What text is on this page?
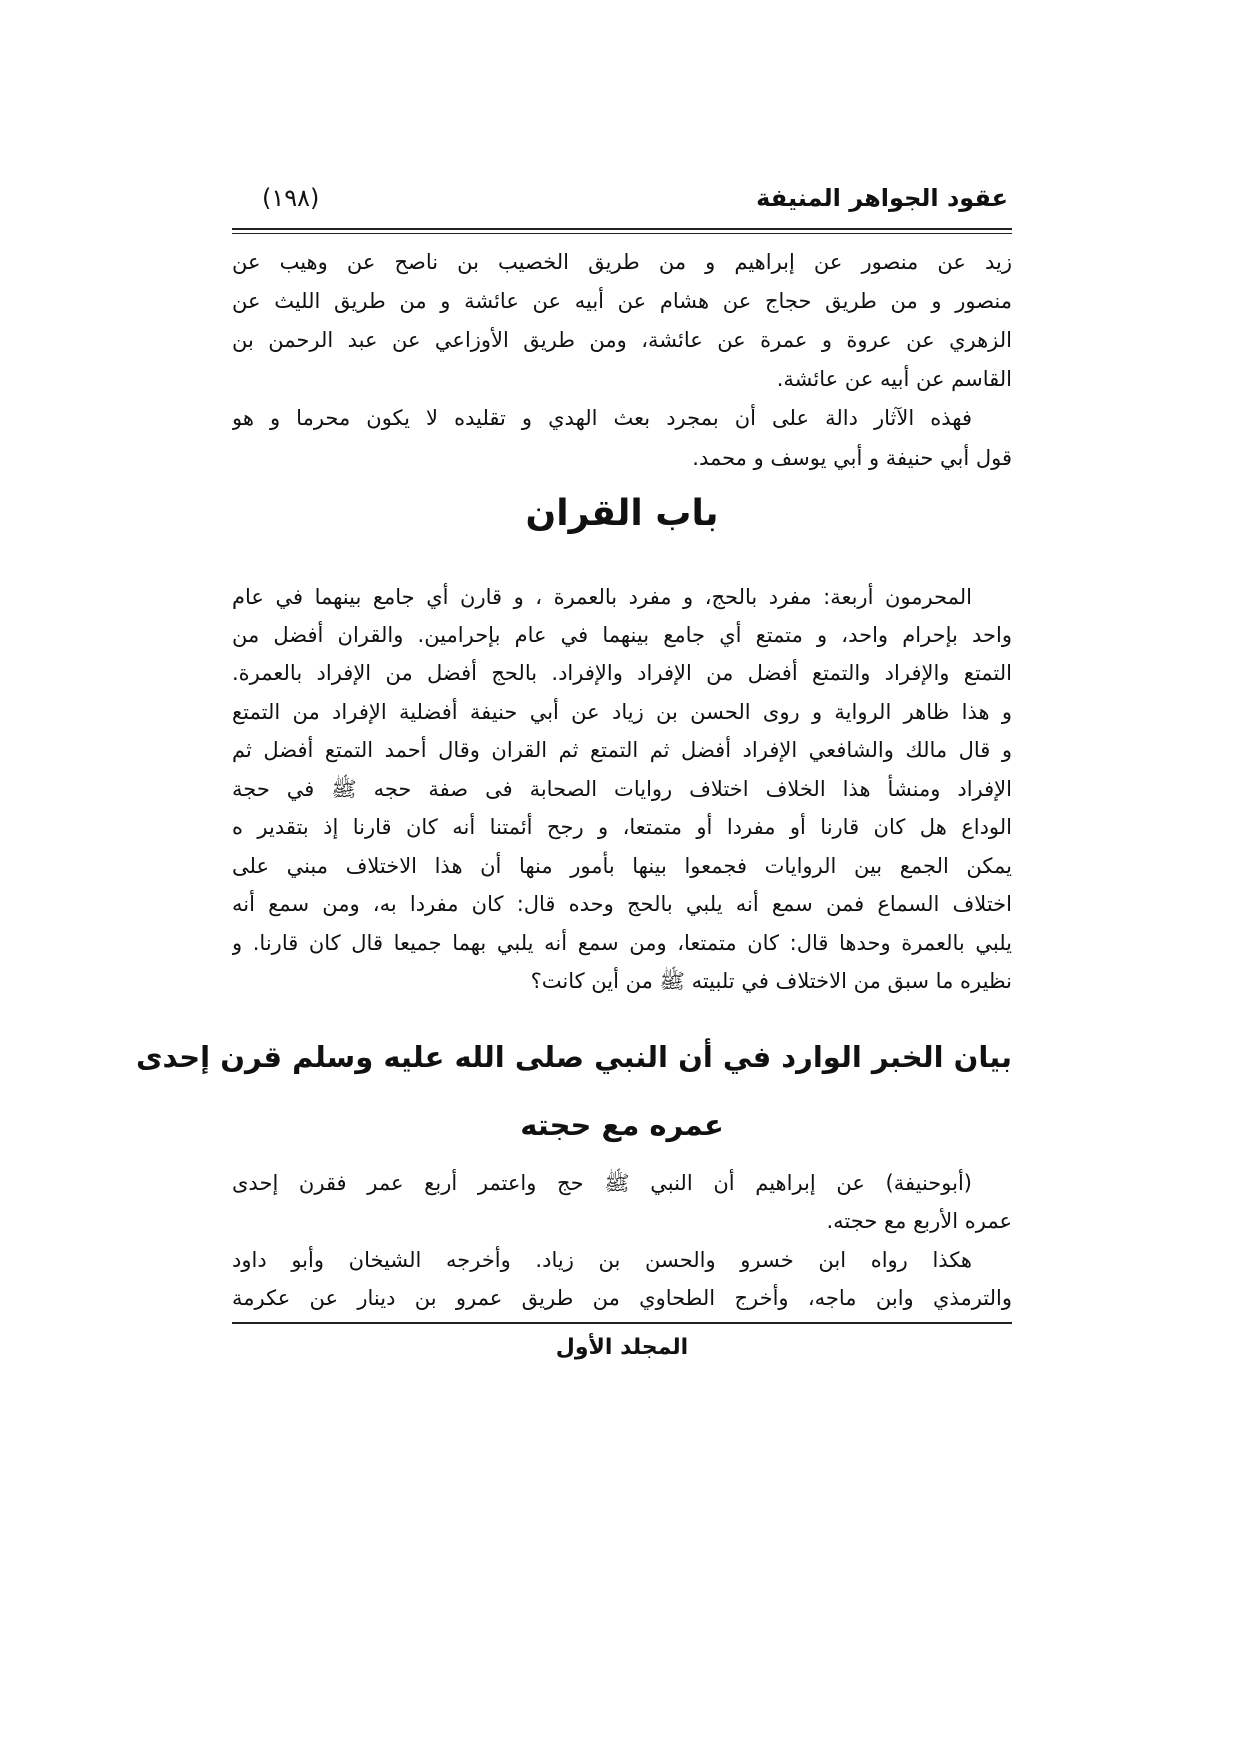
عقود الجواهر المنيفة
(١٩٨)
زيد عن منصور عن إبراهيم و من طريق الخصيب بن ناصح عن وهيب عن
منصور و من طريق حجاج عن هشام عن أبيه عن عائشة و من طريق الليث عن
الزهري عن عروة و عمرة عن عائشة، ومن طريق الأوزاعي عن عبد الرحمن بن
القاسم عن أبيه عن عائشة.
فهذه الآثار دالة على أن بمجرد بعث الهدي و تقليده لا يكون محرما و هو
قول أبي حنيفة و أبي يوسف و محمد.
باب القران
المحرمون أربعة: مفرد بالحج، و مفرد بالعمرة ، و قارن أي جامع بينهما في عام
واحد بإحرام واحد، و متمتع أي جامع بينهما في عام بإحرامين. والقران أفضل من
التمتع والإفراد والتمتع أفضل من الإفراد والإفراد. بالحج أفضل من الإفراد بالعمرة.
و هذا ظاهر الرواية و روى الحسن بن زياد عن أبي حنيفة أفضلية الإفراد من التمتع
و قال مالك والشافعي الإفراد أفضل ثم التمتع ثم القران وقال أحمد التمتع أفضل ثم
الإفراد ومنشأ هذا الخلاف اختلاف روايات الصحابة فى صفة حجه ﷺ في حجة
الوداع هل كان قارنا أو مفردا أو متمتعا، و رجح أئمتنا أنه كان قارنا إذ بتقدير ه
يمكن الجمع بين الروايات فجمعوا بينها بأمور منها أن هذا الاختلاف مبني على
اختلاف السماع فمن سمع أنه يلبي بالحج وحده قال: كان مفردا به، ومن سمع أنه
يلبي بالعمرة وحدها قال: كان متمتعا، ومن سمع أنه يلبي بهما جميعا قال كان قارنا. و
نظيره ما سبق من الاختلاف في تلبيته ﷺ من أين كانت؟
بيان الخبر الوارد في أن النبي صلى الله عليه وسلم قرن إحدى
عمره مع حجته
(أبوحنيفة) عن إبراهيم أن النبي ﷺ حج واعتمر أربع عمر فقرن إحدى
عمره الأربع مع حجته.
هكذا رواه ابن خسرو والحسن بن زياد. وأخرجه الشيخان وأبو داود
والترمذي وابن ماجه، وأخرج الطحاوي من طريق عمرو بن دينار عن عكرمة
المجلد الأول
